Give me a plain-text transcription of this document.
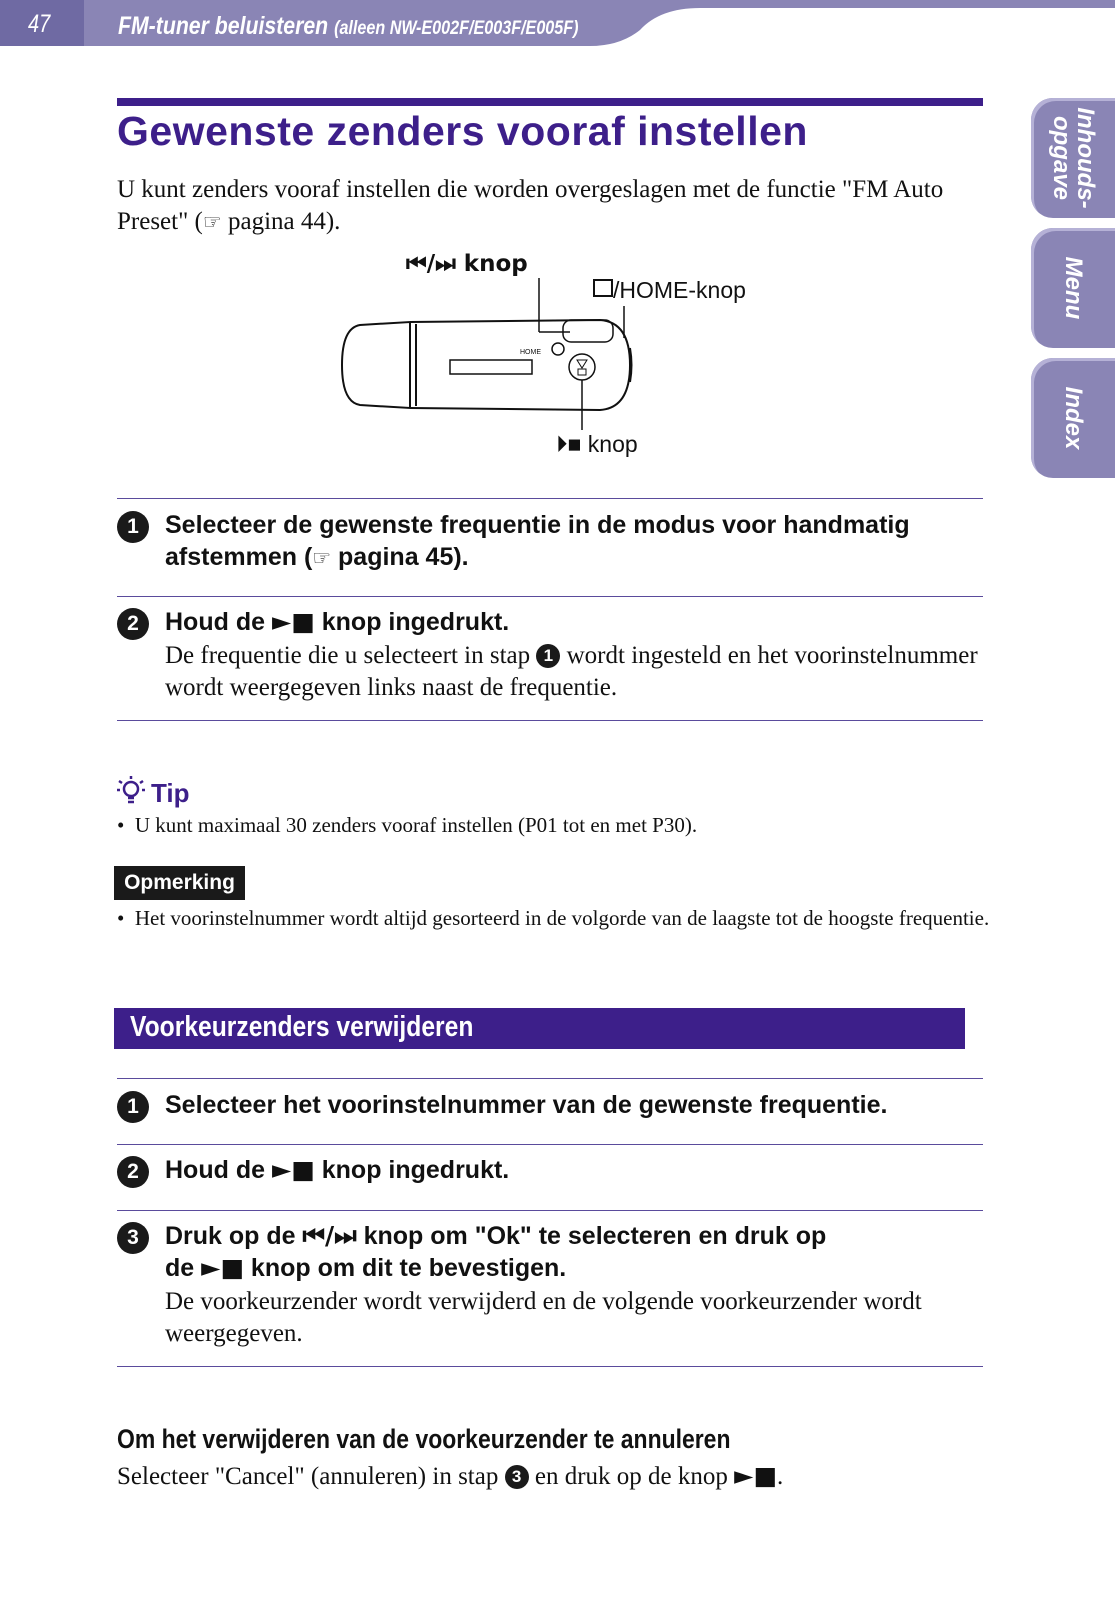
47	FM-tuner beluisteren (alleen NW-E002F/E003F/E005F)
Inhouds-
opgave
Menu
Index
Gewenste zenders vooraf instellen

U kunt zenders vooraf instellen die worden overgeslagen met de functie "FM Auto Preset" (☞ pagina 44).

HOME
⏮/⏭ knop
/HOME-knop
⏵■ knop
1	Selecteer de gewenste frequentie in de modus voor handmatig afstemmen (☞ pagina 45).

2	Houd de ►■ knop ingedrukt.

De frequentie die u selecteert in stap 1 wordt ingesteld en het voorinstelnummer wordt weergegeven links naast de frequentie.

Tip
•  U kunt maximaal 30 zenders vooraf instellen (P01 tot en met P30).
Opmerking
•  Het voorinstelnummer wordt altijd gesorteerd in de volgorde van de laagste tot de hoogste frequentie.
Voorkeurzenders verwijderen
1	Selecteer het voorinstelnummer van de gewenste frequentie.

2	Houd de ►■ knop ingedrukt.

3	Druk op de ⏮/⏭ knop om "Ok" te selecteren en druk op
de ►■ knop om dit te bevestigen.

De voorkeurzender wordt verwijderd en de volgende voorkeurzender wordt weergegeven.

Om het verwijderen van de voorkeurzender te annuleren

Selecteer "Cancel" (annuleren) in stap 3 en druk op de knop ►■.
